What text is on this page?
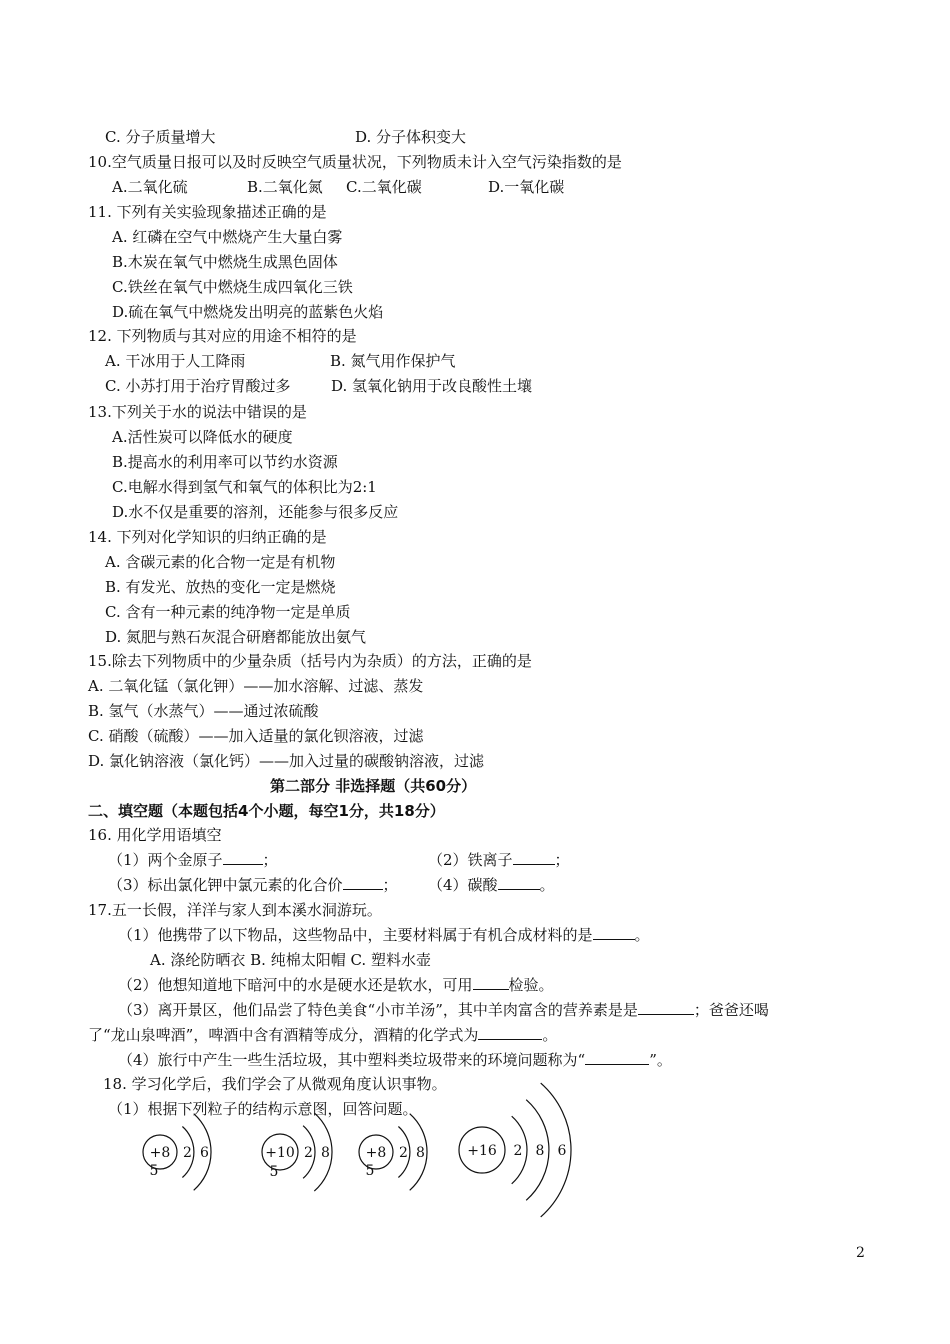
C. 分子质量增大	D. 分子体积变大
10.空气质量日报可以及时反映空气质量状况，下列物质未计入空气污染指数的是
A.二氧化硫	B.二氧化氮 C.二氧化碳	D.一氧化碳
11. 下列有关实验现象描述正确的是
A. 红磷在空气中燃烧产生大量白雾
B.木炭在氧气中燃烧生成黑色固体
C.铁丝在氧气中燃烧生成四氧化三铁
D.硫在氧气中燃烧发出明亮的蓝紫色火焰
12. 下列物质与其对应的用途不相符的是
A. 干冰用于人工降雨	B. 氮气用作保护气
C. 小苏打用于治疗胃酸过多	D. 氢氧化钠用于改良酸性土壤
13.下列关于水的说法中错误的是
A.活性炭可以降低水的硬度
B.提高水的利用率可以节约水资源
C.电解水得到氢气和氧气的体积比为2:1
D.水不仅是重要的溶剂，还能参与很多反应
14. 下列对化学知识的归纳正确的是
A. 含碳元素的化合物一定是有机物
B. 有发光、放热的变化一定是燃烧
C. 含有一种元素的纯净物一定是单质
D. 氮肥与熟石灰混合研磨都能放出氨气
15.除去下列物质中的少量杂质（括号内为杂质）的方法，正确的是
A. 二氧化锰（氯化钾）——加水溶解、过滤、蒸发
B. 氢气（水蒸气）——通过浓硫酸
C. 硝酸（硫酸）——加入适量的氯化钡溶液，过滤
D. 氯化钠溶液（氯化钙）——加入过量的碳酸钠溶液，过滤
第二部分 非选择题（共60分）
二、填空题（本题包括4个小题，每空1分，共18分）
16. 用化学用语填空
（1）两个金原子	；	（2）铁离子	；
（3）标出氯化钾中氯元素的化合价	； （4）碳酸	。
17.五一长假，洋洋与家人到本溪水洞游玩。
（1）他携带了以下物品，这些物品中，主要材料属于有机合成材料的是	。
A. 涤纶防晒衣 B. 纯棉太阳帽 C. 塑料水壶
（2）他想知道地下暗河中的水是硬水还是软水，可用 检验。
（3）离开景区，他们品尝了特色美食“小市羊汤”，其中羊肉富含的营养素是是	；爸爸还喝
了“龙山泉啤酒”，啤酒中含有酒精等成分，酒精的化学式为	。
（4）旅行中产生一些生活垃圾，其中塑料类垃圾带来的环境问题称为“	”。
18. 学习化学后，我们学会了从微观角度认识事物。
（1）根据下列粒子的结构示意图，回答问题。
+8 2 6
5
+10 2 8
5
+8 2 8
5
+16 2 8 6
2
